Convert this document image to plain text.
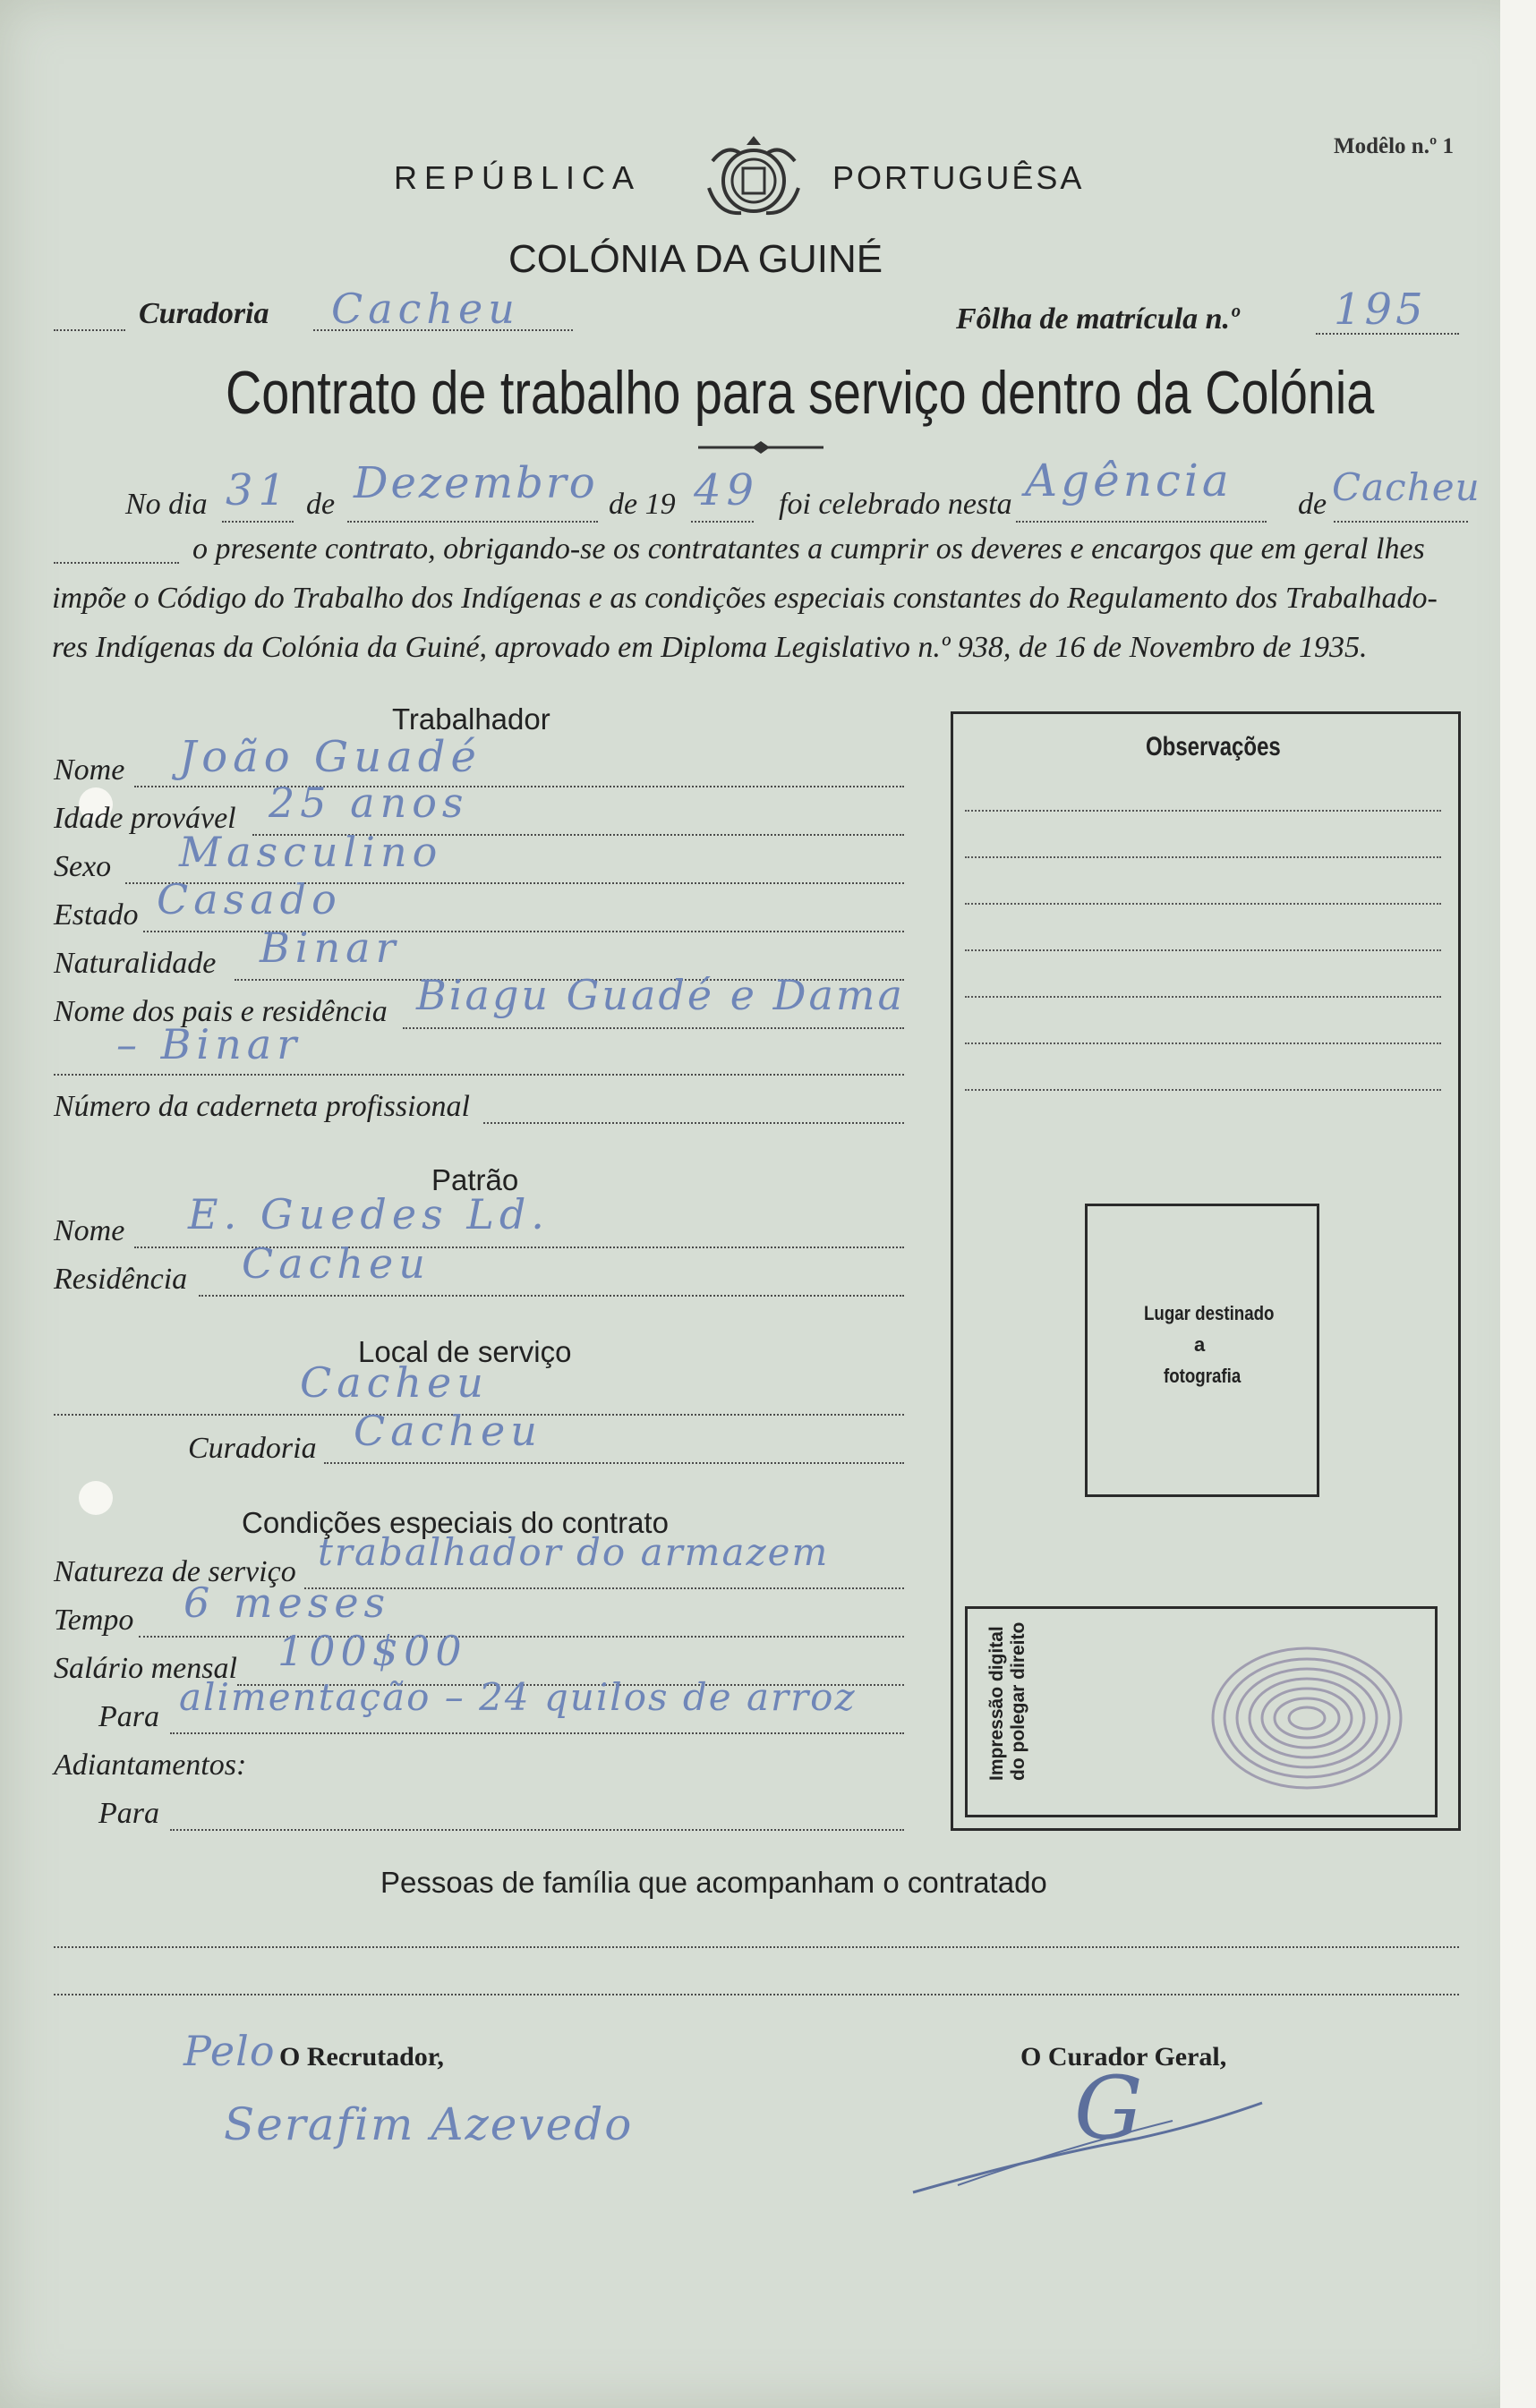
Modêlo n.º 1
REPÚBLICA	PORTUGUÊSA
COLÓNIA DA GUINÉ
Curadoria Cacheu	Fôlha de matrícula n.º 195
Contrato de trabalho para serviço dentro da Colónia
No dia 31 de Dezembro de 19 49 foi celebrado nesta Agência de Cacheu
o presente contrato, obrigando-se os contratantes a cumprir os deveres e encargos que em geral lhes
impõe o Código do Trabalho dos Indígenas e as condições especiais constantes do Regulamento dos Trabalhado-
res Indígenas da Colónia da Guiné, aprovado em Diploma Legislativo n.º 938, de 16 de Novembro de 1935.
Trabalhador
Nome João Guadé
Idade provável 25 anos
Sexo Masculino
Estado Casado
Naturalidade Binar
Nome dos pais e residência Biagu Guadé e Dama
– Binar
Número da caderneta profissional
Patrão
Nome E. Guedes Ld.
Residência Cacheu
Local de serviço
Cacheu
Curadoria Cacheu
Condições especiais do contrato
Natureza de serviço trabalhador do armazem
Tempo 6 meses
Salário mensal 100$00
Para alimentação – 24 quilos de arroz
Adiantamentos:
Para
Observações
Lugar destinado
a
fotografia
Impressão digital do polegar direito
Pessoas de família que acompanham o contratado
Pelo O Recrutador,
Serafim Azevedo
O Curador Geral,
G
